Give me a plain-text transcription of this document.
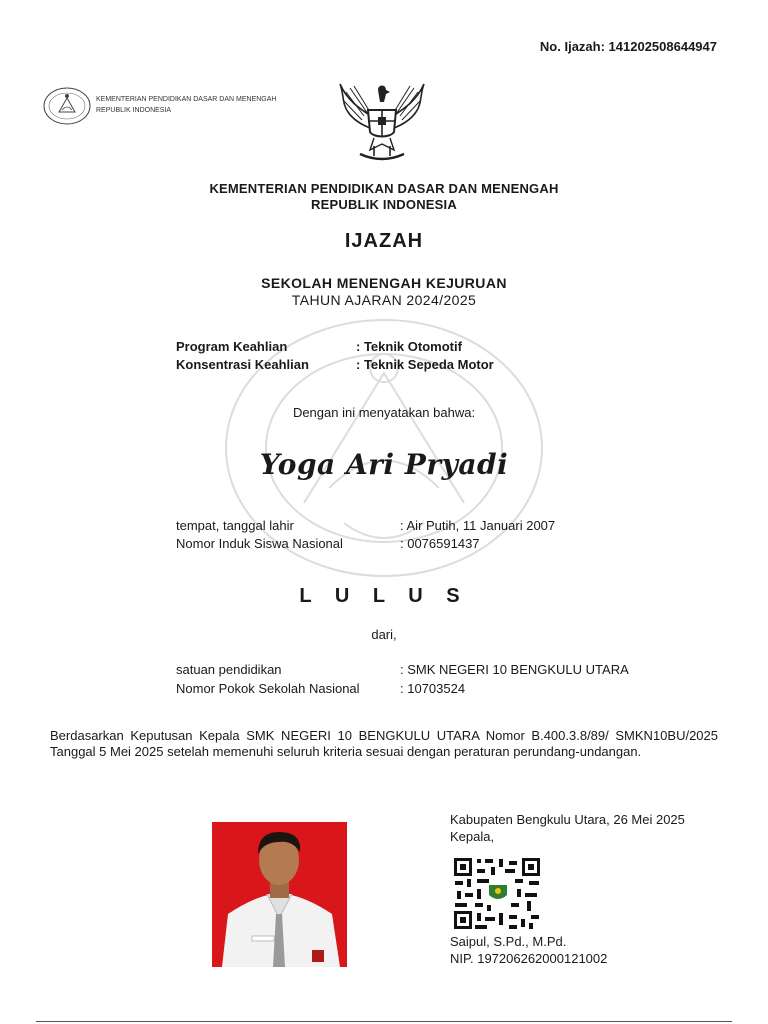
No. Ijazah: 141202508644947
KEMENTERIAN PENDIDIKAN DASAR DAN MENENGAH
REPUBLIK INDONESIA
KEMENTERIAN PENDIDIKAN DASAR DAN MENENGAH
REPUBLIK INDONESIA
IJAZAH
SEKOLAH MENENGAH KEJURUAN
TAHUN AJARAN 2024/2025
Program Keahlian	: Teknik Otomotif
Konsentrasi Keahlian	: Teknik Sepeda Motor
Dengan ini menyatakan bahwa:
Yoga Ari Pryadi
tempat, tanggal lahir	: Air Putih, 11 Januari 2007
Nomor Induk Siswa Nasional	: 0076591437
L U L U S
dari,
satuan pendidikan	: SMK NEGERI 10 BENGKULU UTARA
Nomor Pokok Sekolah Nasional	: 10703524
Berdasarkan Keputusan Kepala SMK NEGERI 10 BENGKULU UTARA Nomor B.400.3.8/89/ SMKN10BU/2025 Tanggal 5 Mei 2025 setelah memenuhi seluruh kriteria sesuai dengan peraturan perundang-undangan.
Kabupaten Bengkulu Utara, 26 Mei 2025
Kepala,
Saipul, S.Pd., M.Pd.
NIP. 197206262000121002
